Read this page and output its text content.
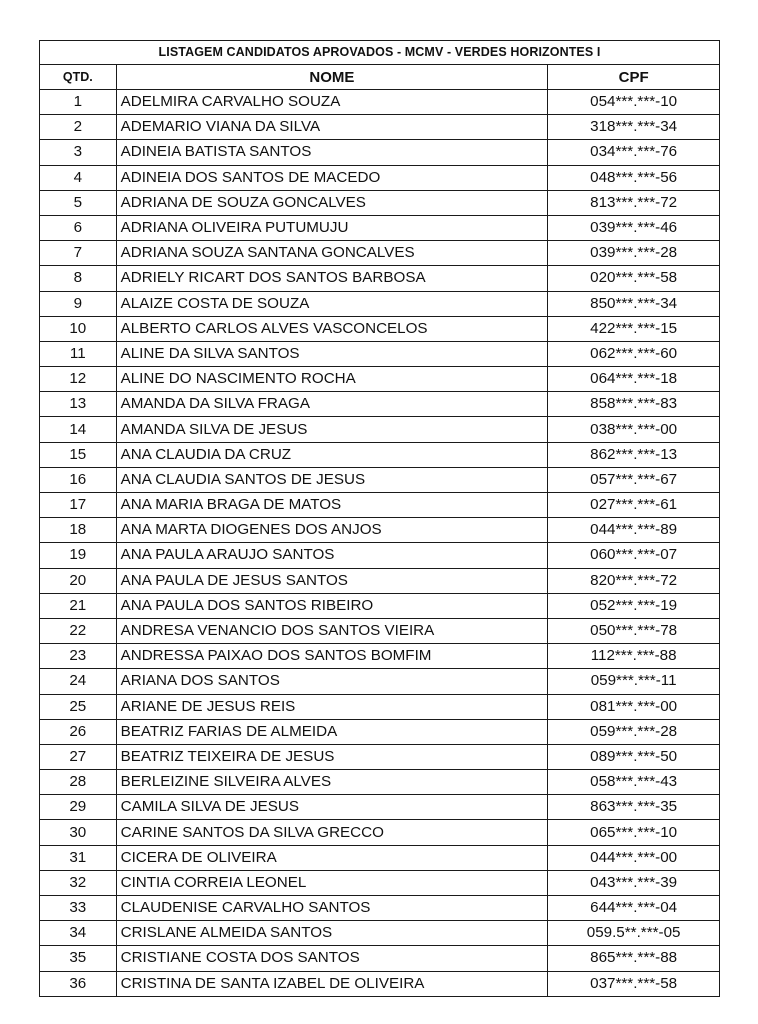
LISTAGEM CANDIDATOS APROVADOS - MCMV - VERDES HORIZONTES I
QTD.	NOME	CPF
1	ADELMIRA CARVALHO SOUZA	054***.***-10
2	ADEMARIO VIANA DA SILVA	318***.***-34
3	ADINEIA BATISTA SANTOS	034***.***-76
4	ADINEIA DOS SANTOS DE MACEDO	048***.***-56
5	ADRIANA DE SOUZA GONCALVES	813***.***-72
6	ADRIANA OLIVEIRA PUTUMUJU	039***.***-46
7	ADRIANA SOUZA SANTANA GONCALVES	039***.***-28
8	ADRIELY RICART DOS SANTOS BARBOSA	020***.***-58
9	ALAIZE COSTA DE SOUZA	850***.***-34
10	ALBERTO CARLOS ALVES VASCONCELOS	422***.***-15
11	ALINE DA SILVA SANTOS	062***.***-60
12	ALINE DO NASCIMENTO ROCHA	064***.***-18
13	AMANDA DA SILVA FRAGA	858***.***-83
14	AMANDA SILVA DE JESUS	038***.***-00
15	ANA CLAUDIA DA CRUZ	862***.***-13
16	ANA CLAUDIA SANTOS DE JESUS	057***.***-67
17	ANA MARIA BRAGA DE MATOS	027***.***-61
18	ANA MARTA DIOGENES DOS ANJOS	044***.***-89
19	ANA PAULA ARAUJO SANTOS	060***.***-07
20	ANA PAULA DE JESUS SANTOS	820***.***-72
21	ANA PAULA DOS SANTOS RIBEIRO	052***.***-19
22	ANDRESA VENANCIO DOS SANTOS VIEIRA	050***.***-78
23	ANDRESSA PAIXAO DOS SANTOS BOMFIM	112***.***-88
24	ARIANA DOS SANTOS	059***.***-11
25	ARIANE DE JESUS REIS	081***.***-00
26	BEATRIZ FARIAS DE ALMEIDA	059***.***-28
27	BEATRIZ TEIXEIRA DE JESUS	089***.***-50
28	BERLEIZINE SILVEIRA ALVES	058***.***-43
29	CAMILA SILVA DE JESUS	863***.***-35
30	CARINE SANTOS DA SILVA GRECCO	065***.***-10
31	CICERA DE OLIVEIRA	044***.***-00
32	CINTIA CORREIA LEONEL	043***.***-39
33	CLAUDENISE CARVALHO SANTOS	644***.***-04
34	CRISLANE ALMEIDA SANTOS	059.5**.***-05
35	CRISTIANE COSTA DOS SANTOS	865***.***-88
36	CRISTINA DE SANTA IZABEL DE OLIVEIRA	037***.***-58
